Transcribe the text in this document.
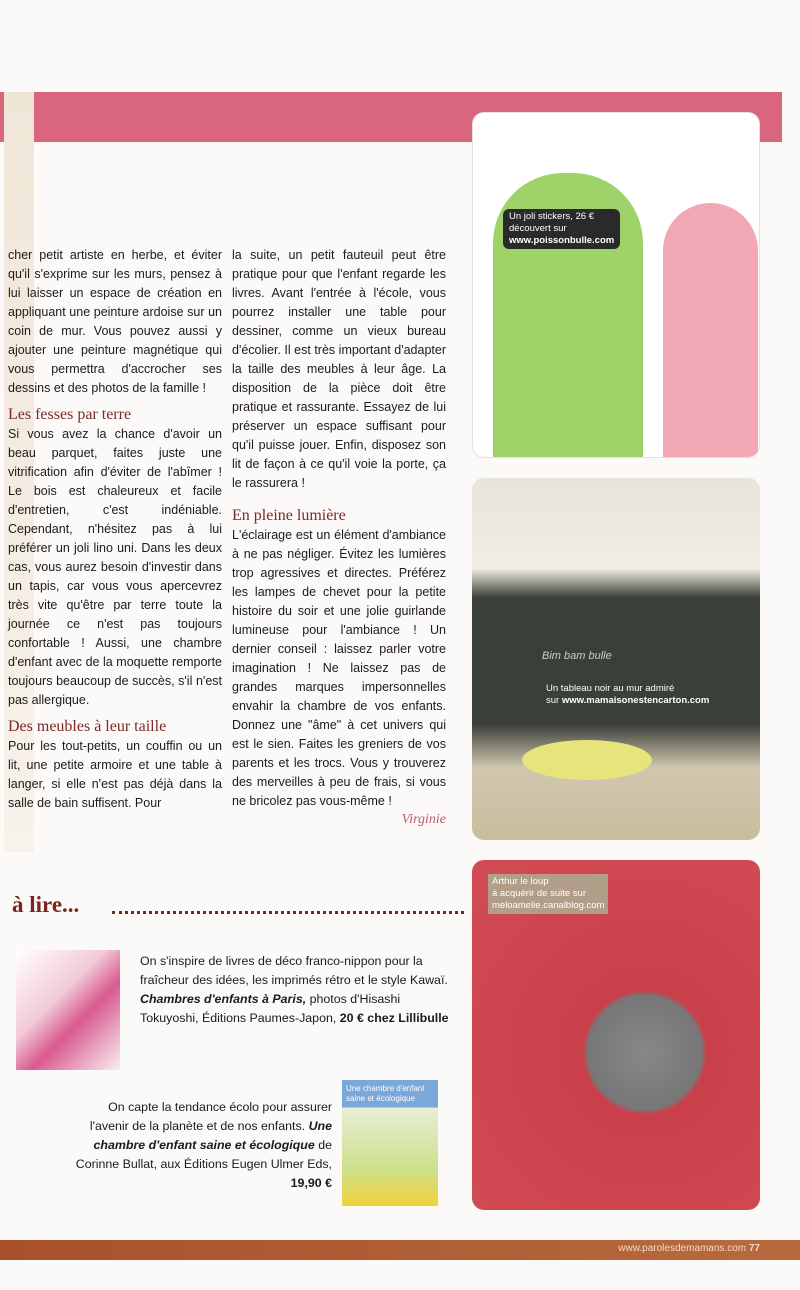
cher petit artiste en herbe, et éviter qu'il s'exprime sur les murs, pensez à lui laisser un espace de création en appliquant une peinture ardoise sur un coin de mur. Vous pouvez aussi y ajouter une peinture magnétique qui vous permettra d'accrocher ses dessins et des photos de la famille !

Les fesses par terre

Si vous avez la chance d'avoir un beau parquet, faites juste une vitrification afin d'éviter de l'abîmer ! Le bois est chaleureux et facile d'entretien, c'est indéniable. Cependant, n'hésitez pas à lui préférer un joli lino uni. Dans les deux cas, vous aurez besoin d'investir dans un tapis, car vous vous apercevrez très vite qu'être par terre toute la journée ce n'est pas toujours confortable ! Aussi, une chambre d'enfant avec de la moquette remporte toujours beaucoup de succès, s'il n'est pas allergique.

Des meubles à leur taille

Pour les tout-petits, un couffin ou un lit, une petite armoire et une table à langer, si elle n'est pas déjà dans la salle de bain suffisent. Pour

la suite, un petit fauteuil peut être pratique pour que l'enfant regarde les livres. Avant l'entrée à l'école, vous pourrez installer une table pour dessiner, comme un vieux bureau d'écolier. Il est très important d'adapter la taille des meubles à leur âge. La disposition de la pièce doit être pratique et rassurante. Essayez de lui préserver un espace suffisant pour qu'il puisse jouer. Enfin, disposez son lit de façon à ce qu'il voie la porte, ça le rassurera !

En pleine lumière

L'éclairage est un élément d'ambiance à ne pas négliger. Évitez les lumières trop agressives et directes. Préférez les lampes de chevet pour la petite histoire du soir et une jolie guirlande lumineuse pour l'ambiance ! Un dernier conseil : laissez parler votre imagination ! Ne laissez pas de grandes marques impersonnelles envahir la chambre de vos enfants. Donnez une "âme" à cet univers qui est le sien. Faites les greniers de vos parents et les trocs. Vous y trouverez des merveilles à peu de frais, si vous ne bricolez pas vous-même !

Virginie
Un joli stickers, 26 €
découvert sur
www.poissonbulle.com
Bim bam bulle
Un tableau noir au mur admiré
sur www.mamaisonestencarton.com
Arthur le loup
à acquérir de suite sur
meloamelie.canalblog.com
à lire...
On s'inspire de livres de déco franco-nippon pour la fraîcheur des idées, les imprimés rétro et le style Kawaï. Chambres d'enfants à Paris, photos d'Hisashi Tokuyoshi, Éditions Paumes-Japon, 20 € chez Lillibulle
Une chambre d'enfant saine et écologique
On capte la tendance écolo pour assurer l'avenir de la planète et de nos enfants. Une chambre d'enfant saine et écologique de Corinne Bullat, aux Éditions Eugen Ulmer Eds, 19,90 €
www.parolesdemamans.com 77
